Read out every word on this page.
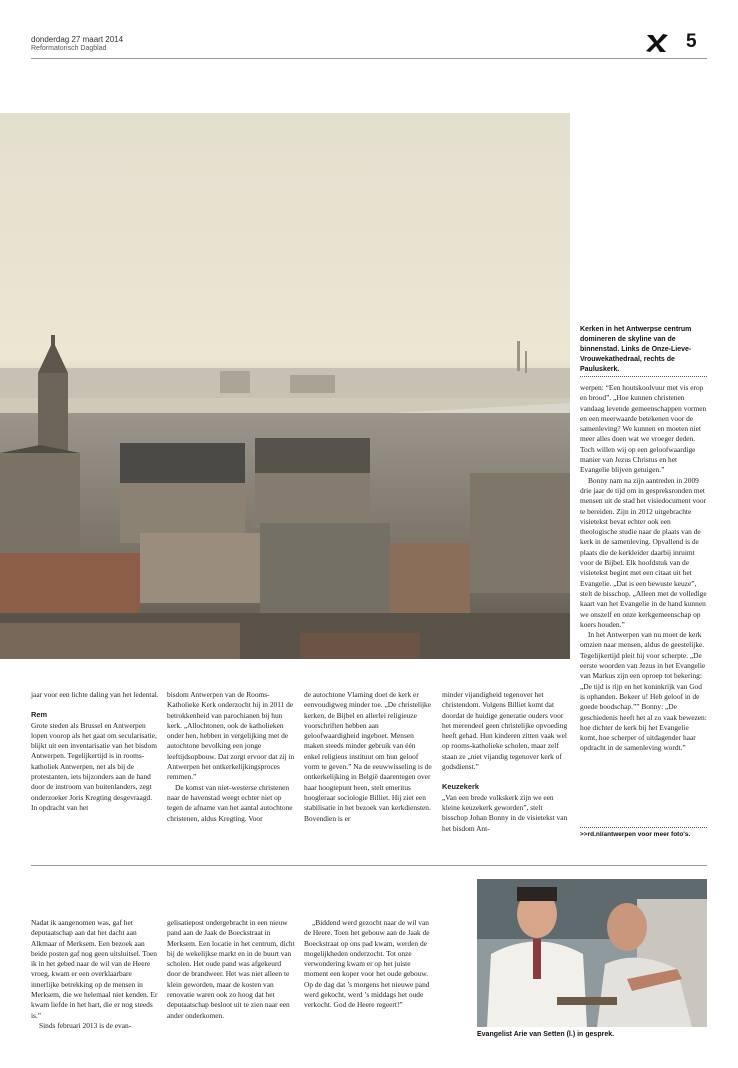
donderdag 27 maart 2014
Reformatorisch Dagblad	5
Kerken in het Antwerpse centrum domineren de skyline van de binnenstad. Links de Onze-Lieve-Vrouwekathedraal, rechts de Pauluskerk.

werpen: “Een houtskoolvuur met vis erop en brood”. „Hoe kunnen christenen vandaag levende gemeenschappen vormen en een meerwaarde betekenen voor de samenleving? We kunnen en moeten niet meer alles doen wat we vroeger deden. Toch willen wij op een geloofwaardige manier van Jezus Christus en het Evangelie blijven getuigen.”

Bonny nam na zijn aantreden in 2009 drie jaar de tijd om in gespreksronden met mensen uit de stad het visiedocument voor te bereiden. Zijn in 2012 uitgebrachte visietekst bevat echter ook een theologische studie naar de plaats van de kerk in de samenleving. Opvallend is de plaats die de kerkleider daarbij inruimt voor de Bijbel. Elk hoofdstuk van de visietekst begint met een citaat uit het Evangelie. „Dat is een bewuste keuze”, stelt de bisschop. „Alleen met de volledige kaart van het Evangelie in de hand kunnen we onszelf en onze kerkgemeenschap op koers houden.”

In het Antwerpen van nu moet de kerk omzien naar mensen, aldus de geestelijke. Tegelijkertijd pleit hij voor scherpte. „De eerste woorden van Jezus in het Evangelie van Markus zijn een oproep tot bekering: „De tijd is rijp en het koninkrijk van God is ophanden. Bekeer u! Heb geloof in de goede boodschap.”” Bonny: „De geschiedenis heeft het al zo vaak bewezen: hoe dichter de kerk bij het Evangelie komt, hoe scherper of uitdagender haar opdracht in de samenleving wordt.”

>>rd.nl/antwerpen voor meer foto's.

jaar voor een lichte daling van het ledental.

Rem

Grote steden als Brussel en Antwerpen lopen voorop als het gaat om secularisatie, blijkt uit een inventarisatie van het bisdom Antwerpen. Tegelijkertijd is in rooms-katholiek Antwerpen, net als bij de protestanten, iets bijzonders aan de hand door de instroom van buitenlanders, zegt onderzoeker Joris Kregting desgevraagd. In opdracht van het

bisdom Antwerpen van de Rooms-Katholieke Kerk onderzocht hij in 2011 de betrokkenheid van parochianen bij hun kerk. „Allochtonen, ook de katholieken onder hen, hebben in vergelijking met de autochtone bevolking een jonge leeftijdsopbouw. Dat zorgt ervoor dat zij in Antwerpen het ontkerkelijkingsproces remmen.”

De komst van niet-westerse christenen naar de havenstad weegt echter niet op tegen de afname van het aantal autochtone christenen, aldus Kregting. Voor

de autochtone Vlaming doet de kerk er eenvoudigweg minder toe. „De christelijke kerken, de Bijbel en allerlei religieuze voorschriften hebben aan geloofwaardigheid ingeboet. Mensen maken steeds minder gebruik van één enkel religieus instituut om hun geloof vorm te geven.” Na de eeuwwisseling is de ontkerkelijking in België daarentegen over haar hoogtepunt heen, stelt emeritus hoogleraar sociologie Billiet. Hij ziet een stabilisatie in het bezoek van kerkdiensten. Bovendien is er

minder vijandigheid tegenover het christendom. Volgens Billiet komt dat doordat de huidige generatie ouders voor het merendeel geen christelijke opvoeding heeft gehad. Hun kinderen zitten vaak wel op rooms-katholieke scholen, maar zelf staan ze „niet vijandig tegenover kerk of godsdienst.”

Keuzekerk

„Van een brede volkskerk zijn we een kleine keuzekerk geworden”, stelt bisschop Johan Bonny in de visietekst van het bisdom Ant-

Nadat ik aangenomen was, gaf het deputaatschap aan dat het dacht aan Alkmaar of Merksem. Een bezoek aan beide posten gaf nog geen uitsluitsel. Toen ik in het gebed naar de wil van de Heere vroeg, kwam er een overklaarbare innerlijke betrekking op de mensen in Merksem, die we helemaal niet kenden. Er kwam liefde in het hart, die er nog steeds is.”

Sinds februari 2013 is de evan-

gelisatiepost ondergebracht in een nieuw pand aan de Jaak de Boeckstraat in Merksem. Een locatie in het centrum, dicht bij de wekelijkse markt en in de buurt van scholen. Het oude pand was afgekeurd door de brandweer. Het was niet alleen te klein geworden, maar de kosten van renovatie waren ook zo hoog dat het deputaatschap besloot uit te zien naar een ander onderkomen.

„Biddend werd gezocht naar de wil van de Heere. Toen het gebouw aan de Jaak de Boeckstraat op ons pad kwam, werden de mogelijkheden onderzocht. Tot onze verwondering kwam er op het juiste moment een koper voor het oude gebouw. Op de dag dat ’s morgens het nieuwe pand werd gekocht, werd ’s middags het oude verkocht. God de Heere regeert!”

Evangelist Arie van Setten (l.) in gesprek.
